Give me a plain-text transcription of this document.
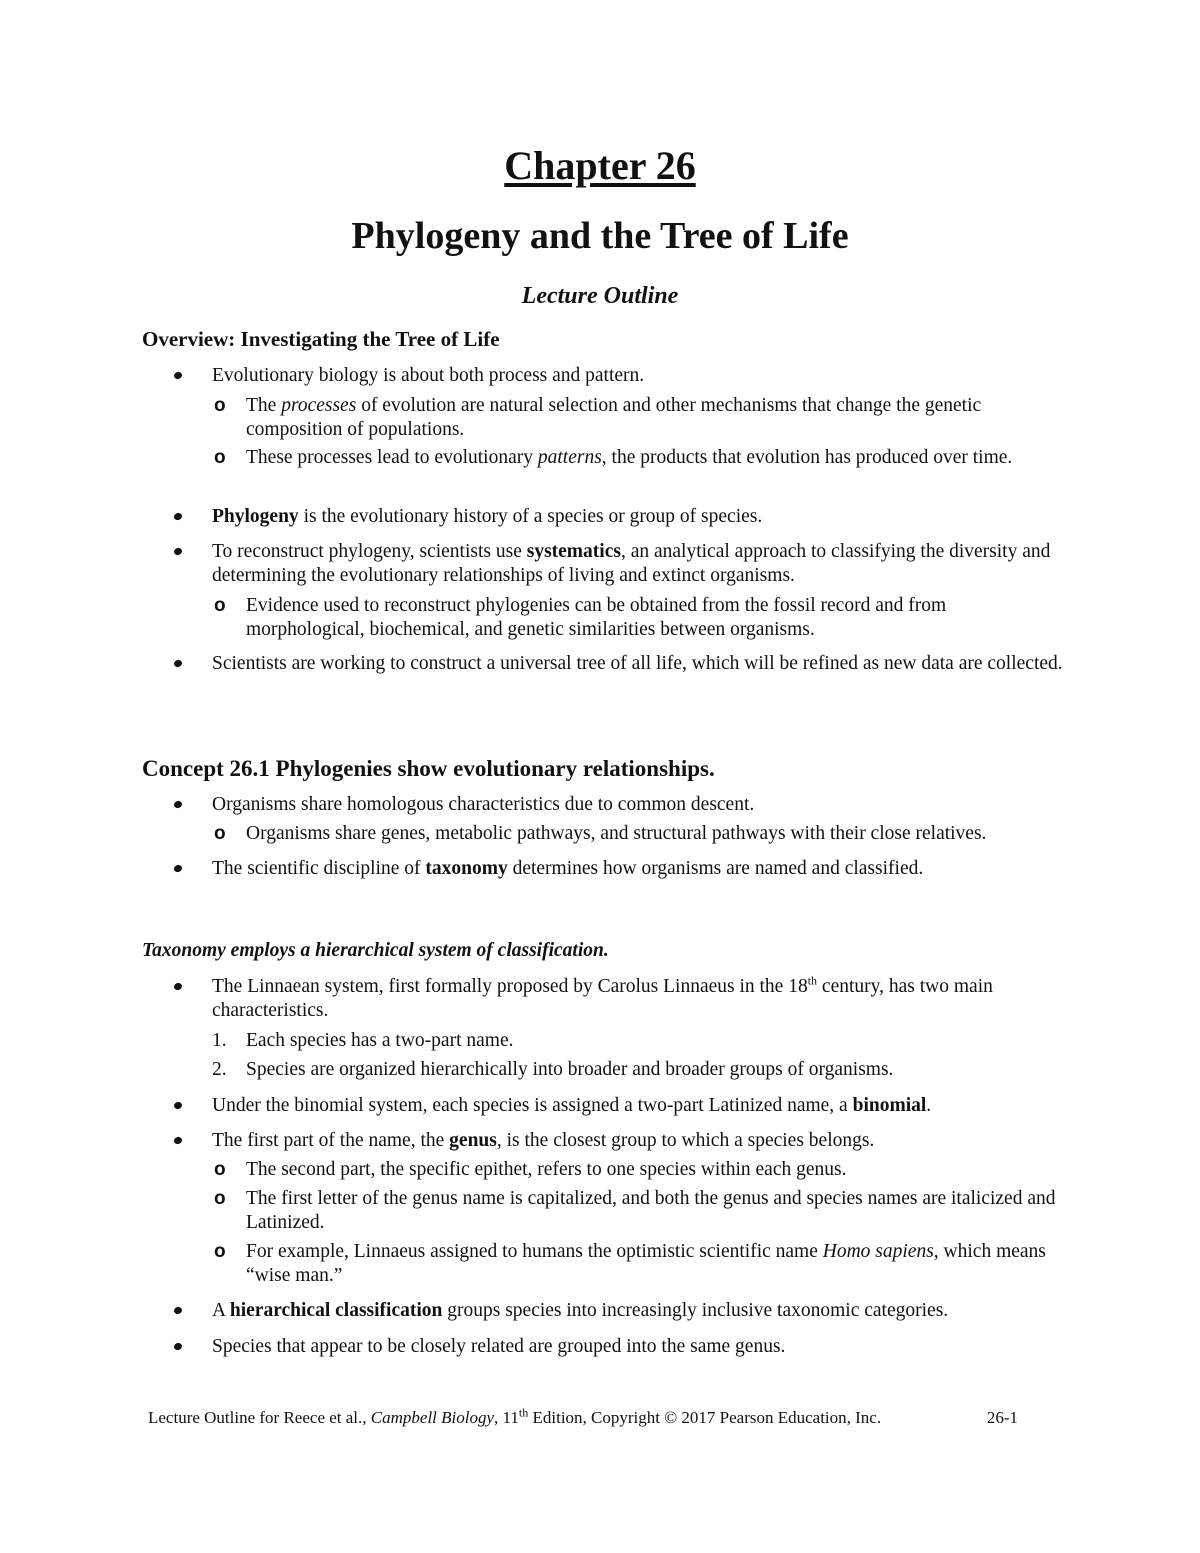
Chapter 26
Phylogeny and the Tree of Life
Lecture Outline
Overview: Investigating the Tree of Life
Evolutionary biology is about both process and pattern.
o The processes of evolution are natural selection and other mechanisms that change the genetic composition of populations.
o These processes lead to evolutionary patterns, the products that evolution has produced over time.
Phylogeny is the evolutionary history of a species or group of species.
To reconstruct phylogeny, scientists use systematics, an analytical approach to classifying the diversity and determining the evolutionary relationships of living and extinct organisms.
o Evidence used to reconstruct phylogenies can be obtained from the fossil record and from morphological, biochemical, and genetic similarities between organisms.
Scientists are working to construct a universal tree of all life, which will be refined as new data are collected.
Concept 26.1 Phylogenies show evolutionary relationships.
Organisms share homologous characteristics due to common descent.
o Organisms share genes, metabolic pathways, and structural pathways with their close relatives.
The scientific discipline of taxonomy determines how organisms are named and classified.
Taxonomy employs a hierarchical system of classification.
The Linnaean system, first formally proposed by Carolus Linnaeus in the 18th century, has two main characteristics.
1. Each species has a two-part name.
2. Species are organized hierarchically into broader and broader groups of organisms.
Under the binomial system, each species is assigned a two-part Latinized name, a binomial.
The first part of the name, the genus, is the closest group to which a species belongs.
o The second part, the specific epithet, refers to one species within each genus.
o The first letter of the genus name is capitalized, and both the genus and species names are italicized and Latinized.
o For example, Linnaeus assigned to humans the optimistic scientific name Homo sapiens, which means “wise man.”
A hierarchical classification groups species into increasingly inclusive taxonomic categories.
Species that appear to be closely related are grouped into the same genus.
Lecture Outline for Reece et al., Campbell Biology, 11th Edition, Copyright © 2017 Pearson Education, Inc.	26-1
